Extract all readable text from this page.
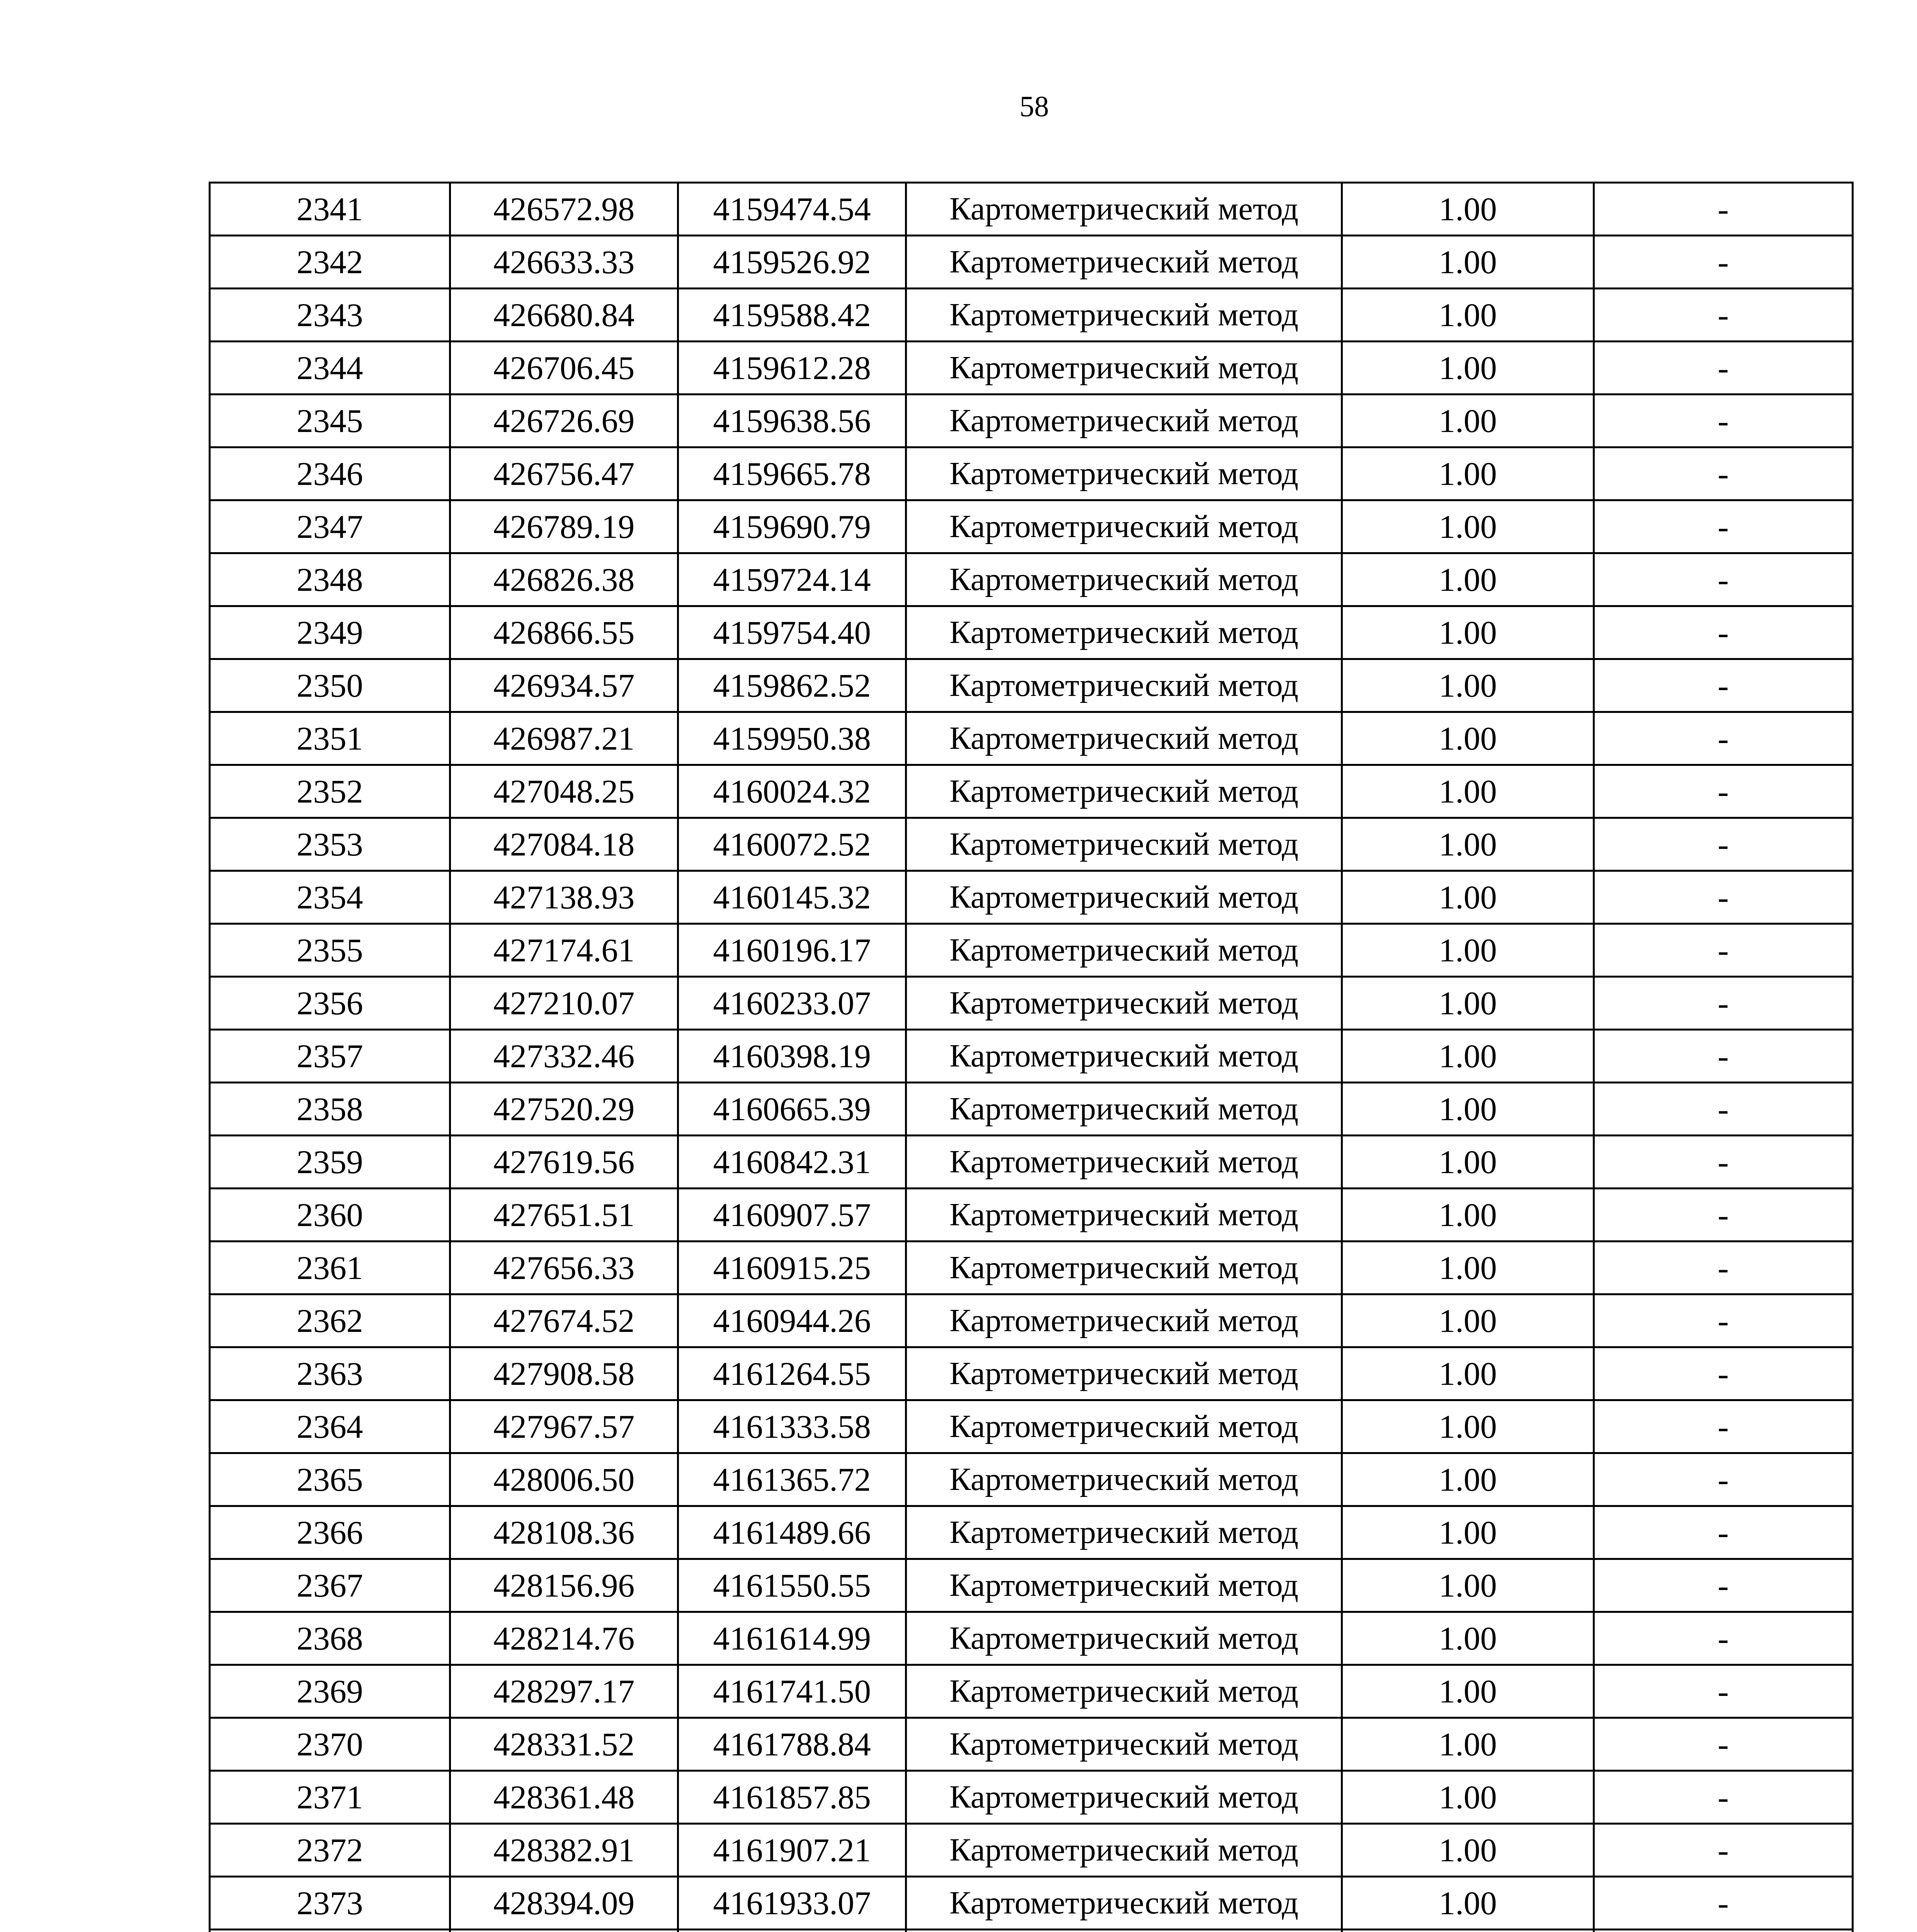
58
2341	426572.98	4159474.54	Картометрический метод	1.00	-
2342	426633.33	4159526.92	Картометрический метод	1.00	-
2343	426680.84	4159588.42	Картометрический метод	1.00	-
2344	426706.45	4159612.28	Картометрический метод	1.00	-
2345	426726.69	4159638.56	Картометрический метод	1.00	-
2346	426756.47	4159665.78	Картометрический метод	1.00	-
2347	426789.19	4159690.79	Картометрический метод	1.00	-
2348	426826.38	4159724.14	Картометрический метод	1.00	-
2349	426866.55	4159754.40	Картометрический метод	1.00	-
2350	426934.57	4159862.52	Картометрический метод	1.00	-
2351	426987.21	4159950.38	Картометрический метод	1.00	-
2352	427048.25	4160024.32	Картометрический метод	1.00	-
2353	427084.18	4160072.52	Картометрический метод	1.00	-
2354	427138.93	4160145.32	Картометрический метод	1.00	-
2355	427174.61	4160196.17	Картометрический метод	1.00	-
2356	427210.07	4160233.07	Картометрический метод	1.00	-
2357	427332.46	4160398.19	Картометрический метод	1.00	-
2358	427520.29	4160665.39	Картометрический метод	1.00	-
2359	427619.56	4160842.31	Картометрический метод	1.00	-
2360	427651.51	4160907.57	Картометрический метод	1.00	-
2361	427656.33	4160915.25	Картометрический метод	1.00	-
2362	427674.52	4160944.26	Картометрический метод	1.00	-
2363	427908.58	4161264.55	Картометрический метод	1.00	-
2364	427967.57	4161333.58	Картометрический метод	1.00	-
2365	428006.50	4161365.72	Картометрический метод	1.00	-
2366	428108.36	4161489.66	Картометрический метод	1.00	-
2367	428156.96	4161550.55	Картометрический метод	1.00	-
2368	428214.76	4161614.99	Картометрический метод	1.00	-
2369	428297.17	4161741.50	Картометрический метод	1.00	-
2370	428331.52	4161788.84	Картометрический метод	1.00	-
2371	428361.48	4161857.85	Картометрический метод	1.00	-
2372	428382.91	4161907.21	Картометрический метод	1.00	-
2373	428394.09	4161933.07	Картометрический метод	1.00	-
